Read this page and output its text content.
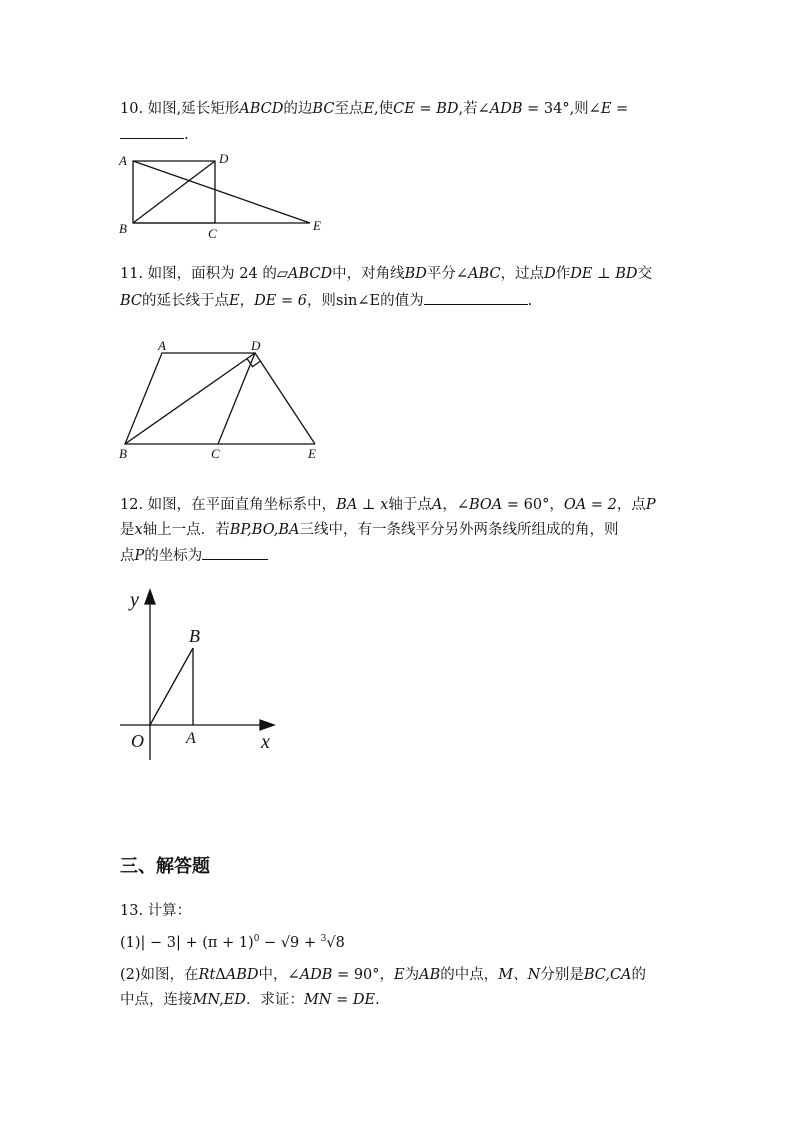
10. 如图,延长矩形ABCD的边BC至点E,使CE = BD,若∠ADB = 34°,则∠E =
.
A	D
B	C
E
11. 如图，面积为 24 的▱ABCD中，对角线BD平分∠ABC，过点D作DE ⊥ BD交
BC的延长线于点E，DE = 6，则sin∠E的值为	.
A	D
B	C	E
12. 如图，在平面直角坐标系中，BA ⊥ x轴于点A，∠BOA = 60°，OA = 2，点P
是x轴上一点．若BP,BO,BA三线中，有一条线平分另外两条线所组成的角，则
点P的坐标为
y
x
O	A
B
三、解答题
13. 计算：
$(1)| - 3| + (\pi + 1)^0 - √9 + ^3√8$
(2)如图，在RtΔABD中，∠ADB = 90°，E为AB的中点，M、N分别是BC,CA的
中点，连接MN,ED．求证：MN = DE.
